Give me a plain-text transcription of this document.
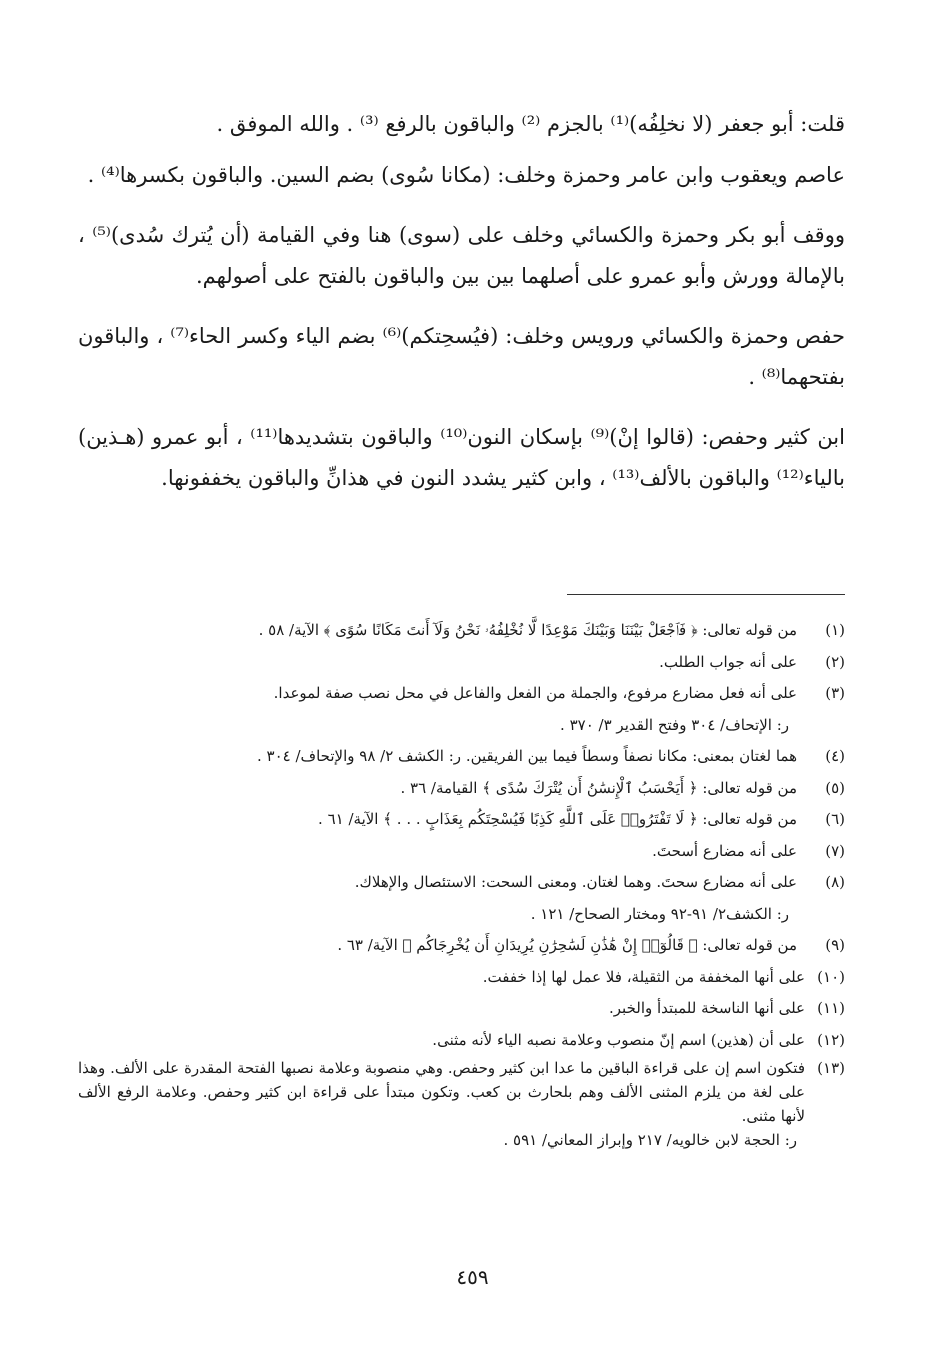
قلت: أبو جعفر (لا نخلِفُه)⁽¹⁾ بالجزم ⁽²⁾ والباقون بالرفع ⁽³⁾ . والله الموفق .

عاصم ويعقوب وابن عامر وحمزة وخلف: (مكانا سُوى) بضم السين. والباقون بكسرها⁽⁴⁾ .

ووقف أبو بكر وحمزة والكسائي وخلف على (سوى) هنا وفي القيامة (أن يُترك سُدى)⁽⁵⁾ ، بالإمالة وورش وأبو عمرو على أصلهما بين بين والباقون بالفتح على أصولهم.

حفص وحمزة والكسائي ورويس وخلف: (فيُسحِتكم)⁽⁶⁾ بضم الياء وكسر الحاء⁽⁷⁾ ، والباقون بفتحهما⁽⁸⁾ .

ابن كثير وحفص: (قالوا إنْ)⁽⁹⁾ بإسكان النون⁽¹⁰⁾ والباقون بتشديدها⁽¹¹⁾ ، أبو عمرو (هـذين) بالياء⁽¹²⁾ والباقون بالألف⁽¹³⁾ ، وابن كثير يشدد النون في هذانِّ والباقون يخففونها.

(١)
من قوله تعالى: ﴿ فَٱجْعَلْ بَيْنَنَا وَبَيْنَكَ مَوْعِدًا لَّا نُخْلِفُهُۥ نَحْنُ وَلَآ أَنتَ مَكَانًا سُوًى ﴾ الآية/ ٥٨ .
(٢)
على أنه جواب الطلب.
(٣)
على أنه فعل مضارع مرفوع، والجملة من الفعل والفاعل في محل نصب صفة لموعدا.
ر: الإتحاف/ ٣٠٤ وفتح القدير ٣/ ٣٧٠ .
(٤)
هما لغتان بمعنى: مكانا نصفاً وسطاً فيما بين الفريقين. ر: الكشف ٢/ ٩٨ والإتحاف/ ٣٠٤ .
(٥)
من قوله تعالى: ﴿ أَيَحْسَبُ ٱلْإِنسَٰنُ أَن يُتْرَكَ سُدًى ﴾ القيامة/ ٣٦ .
(٦)
من قوله تعالى: ﴿ لَا تَفْتَرُوا۟ عَلَى ٱللَّهِ كَذِبًا فَيُسْحِتَكُم بِعَذَابٍ . . . ﴾ الآية/ ٦١ .
(٧)
على أنه مضارع أسحتَ.
(٨)
على أنه مضارع سحتَ. وهما لغتان. ومعنى السحت: الاستئصال والإهلاك.
ر: الكشف٢/ ٩١-٩٢ ومختار الصحاح/ ١٢١ .
(٩)
من قوله تعالى: ﴿ قَالُوٓا۟ إِنْ هَٰذَٰنِ لَسَٰحِرَٰنِ يُرِيدَانِ أَن يُخْرِجَاكُم ﴾ الآية/ ٦٣ .
(١٠)
على أنها المخففة من الثقيلة، فلا عمل لها إذا خففت.
(١١)
على أنها الناسخة للمبتدأ والخبر.
(١٢)
على أن (هذين) اسم إنّ منصوب وعلامة نصبه الياء لأنه مثنى.
(١٣)
فتكون اسم إن على قراءة الباقين ما عدا ابن كثير وحفص. وهي منصوبة وعلامة نصبها الفتحة المقدرة على الألف. وهذا على لغة من يلزم المثنى الألف وهم بلحارث بن كعب. وتكون مبتدأ على قراءة ابن كثير وحفص. وعلامة الرفع الألف لأنها مثنى.
ر: الحجة لابن خالويه/ ٢١٧ وإبراز المعاني/ ٥٩١ .
٤٥٩
